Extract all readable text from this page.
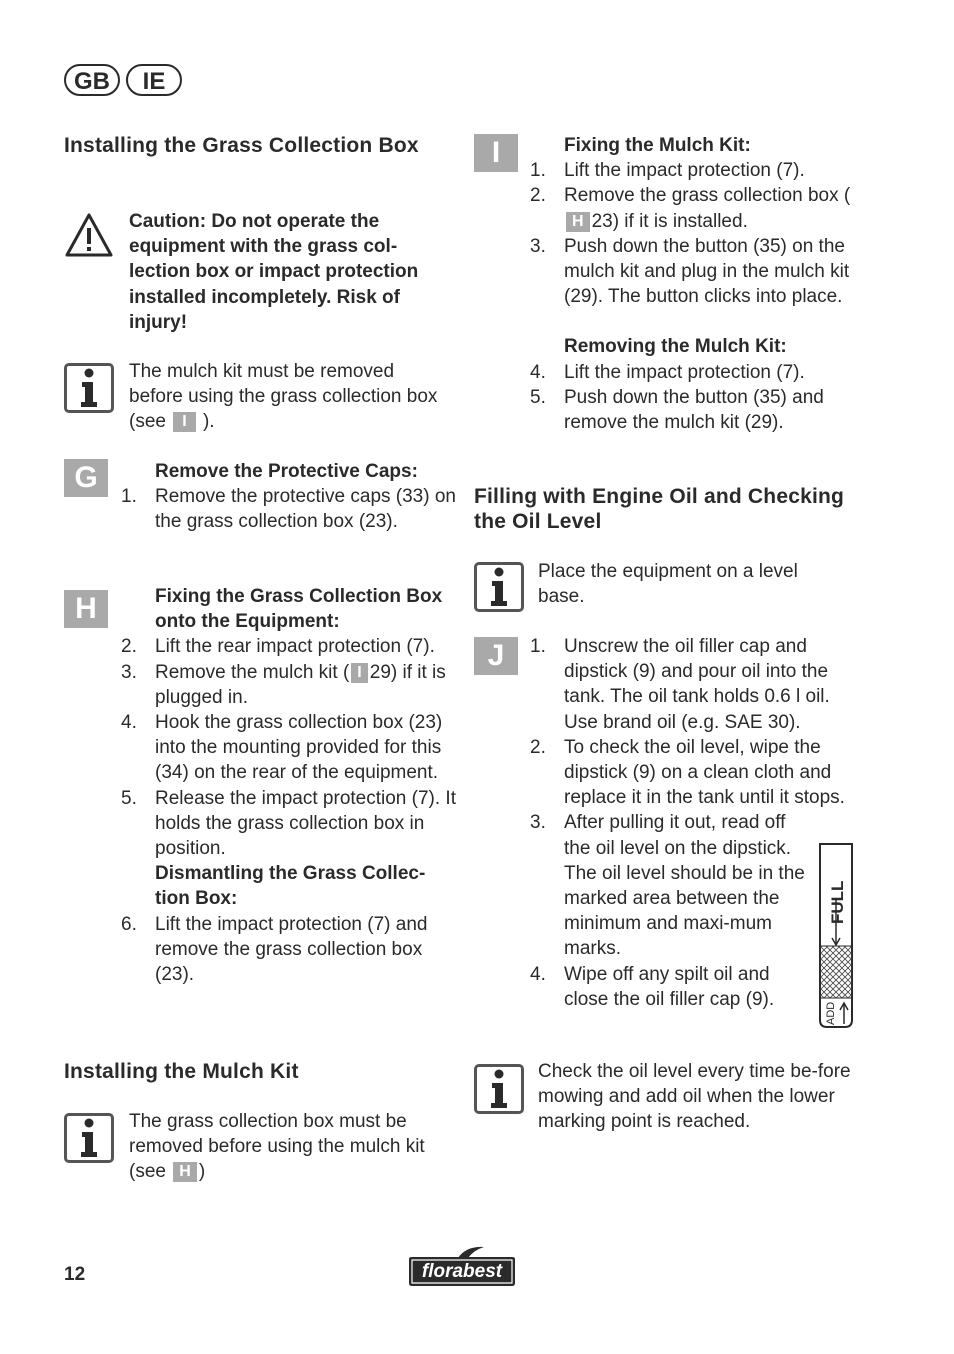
GB	IE
Installing the Grass Collection Box
Caution: Do not operate the equipment with the grass col-lection box or impact protection installed incompletely. Risk of injury!
The mulch kit must be removed before using the grass collection box (see I ).
G	Remove the Protective Caps:
1. Remove the protective caps (33) on the grass collection box (23).
H	Fixing the Grass Collection Box onto the Equipment:
2. Lift the rear impact protection (7).
3. Remove the mulch kit ( I 29) if it is plugged in.
4. Hook the grass collection box (23) into the mounting provided for this (34) on the rear of the equipment.
5. Release the impact protection (7). It holds the grass collection box in position.
Dismantling the Grass Collec-tion Box:
6. Lift the impact protection (7) and remove the grass collection box (23).
Installing the Mulch Kit
The grass collection box must be removed before using the mulch kit (see H )
I	Fixing the Mulch Kit:
1. Lift the impact protection (7).
2. Remove the grass collection box (H 23) if it is installed.
3. Push down the button (35) on the mulch kit and plug in the mulch kit (29). The button clicks into place.
Removing the Mulch Kit:
4. Lift the impact protection (7).
5. Push down the button (35) and remove the mulch kit (29).
Filling with Engine Oil and Checking the Oil Level
Place the equipment on a level base.
J	1. Unscrew the oil filler cap and dipstick (9) and pour oil into the tank. The oil tank holds 0.6 l oil. Use brand oil (e.g. SAE 30).
2. To check the oil level, wipe the dipstick (9) on a clean cloth and replace it in the tank until it stops.
3. After pulling it out, read off the oil level on the dipstick. The oil level should be in the marked area between the minimum and maxi-mum marks.
4. Wipe off any spilt oil and close the oil filler cap (9).
FULL
ADD
Check the oil level every time be-fore mowing and add oil when the lower marking point is reached.
12	florabest
